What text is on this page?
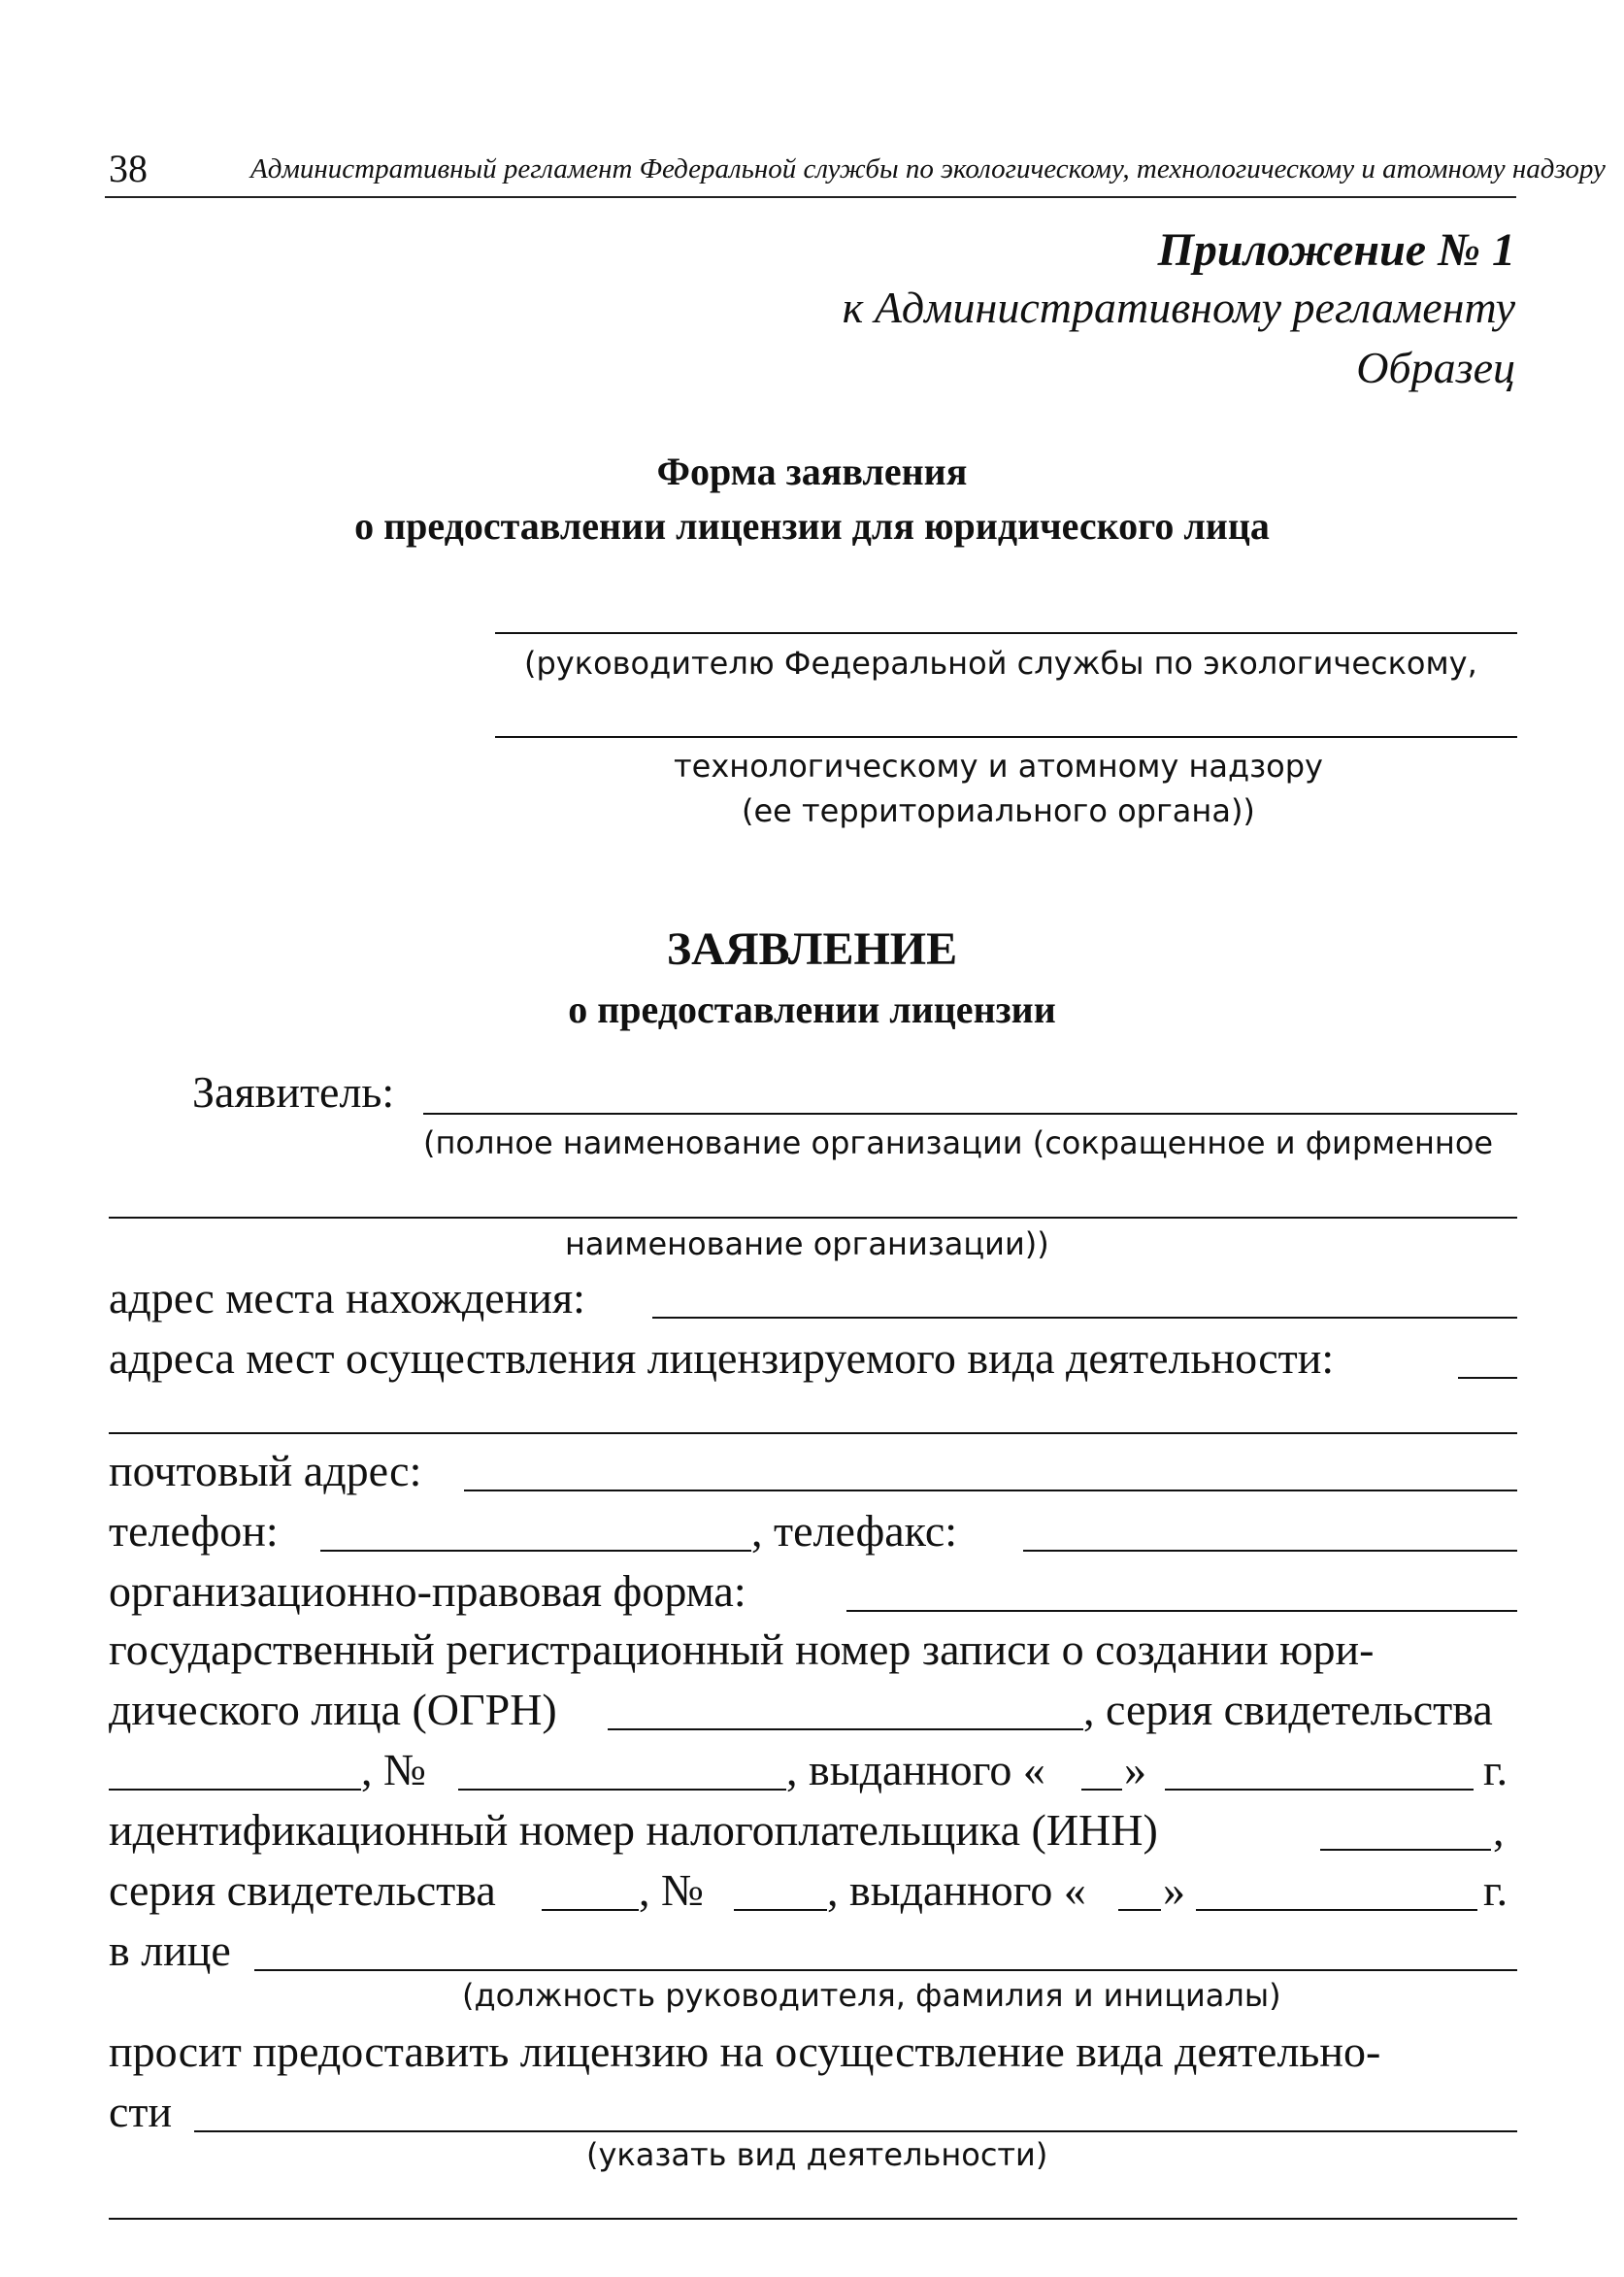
38	Административный регламент Федеральной службы по экологическому, технологическому и атомному надзору
Приложение № 1
к Административному регламенту
Образец
Форма заявления
о предоставлении лицензии для юридического лица
(руководителю Федеральной службы по экологическому,
технологическому и атомному надзору
(ее территориального органа))
ЗАЯВЛЕНИЕ
о предоставлении лицензии
Заявитель:
(полное наименование организации (сокращенное и фирменное
наименование организации))
адрес места нахождения:
адреса мест осуществления лицензируемого вида деятельности:
почтовый адрес:
телефон:	, телефакс:
организационно-правовая форма:
государственный регистрационный номер записи о создании юри-
дического лица (ОГРН)	, серия свидетельства
, №	, выданного « »	г.
идентификационный номер налогоплательщика (ИНН)	,
серия свидетельства	, №	, выданного « »	г.
в лице
(должность руководителя, фамилия и инициалы)
просит предоставить лицензию на осуществление вида деятельно-
сти
(указать вид деятельности)
